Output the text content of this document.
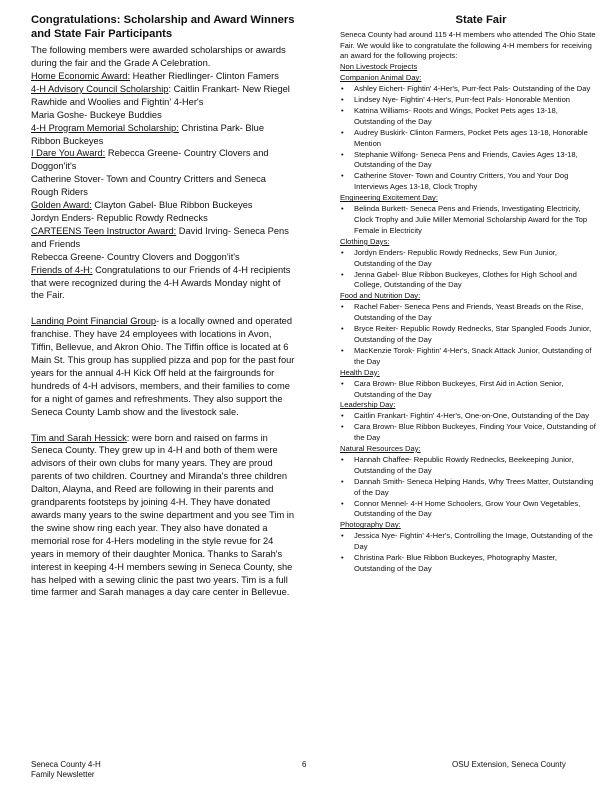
Congratulations: Scholarship and Award Winners and State Fair Participants

The following members were awarded scholarships or awards during the fair and the Grade A Celebration.

Home Economic Award: Heather Riedlinger- Clinton Famers

4-H Advisory Council Scholarship: Caitlin Frankart- New Riegel Rawhide and Woolies and Fightin' 4-Her's

Maria Goshe- Buckeye Buddies

4-H Program Memorial Scholarship: Christina Park- Blue Ribbon Buckeyes

I Dare You Award: Rebecca Greene- Country Clovers and Doggon'it's

Catherine Stover- Town and Country Critters and Seneca Rough Riders

Golden Award: Clayton Gabel- Blue Ribbon Buckeyes

Jordyn Enders- Republic Rowdy Rednecks

CARTEENS Teen Instructor Award: David Irving- Seneca Pens and Friends

Rebecca Greene- Country Clovers and Doggon'it's

Friends of 4-H: Congratulations to our Friends of 4-H recipients that were recognized during the 4-H Awards Monday night of the Fair.

Landing Point Financial Group- is a locally owned and operated franchise. They have 24 employees with locations in Avon, Tiffin, Bellevue, and Akron Ohio. The Tiffin office is located at 6 Main St. This group has supplied pizza and pop for the past four years for the annual 4-H Kick Off held at the fairgrounds for hundreds of 4-H advisors, members, and their families to come for a night of games and refreshments. They also support the Seneca County Lamb show and the livestock sale.

Tim and Sarah Hessick: were born and raised on farms in Seneca County. They grew up in 4-H and both of them were advisors of their own clubs for many years. They are proud parents of two children. Courtney and Miranda's three children Dalton, Alayna, and Reed are following in their parents and grandparents footsteps by joining 4-H. They have donated awards many years to the swine department and you see Tim in the swine show ring each year. They also have donated a memorial rose for 4-Hers modeling in the style revue for 24 years in memory of their daughter Monica. Thanks to Sarah's interest in keeping 4-H members sewing in Seneca County, she has helped with a sewing clinic the past two years. Tim is a full time farmer and Sarah manages a day care center in Bellevue.

State Fair

Seneca County had around 115 4-H members who attended The Ohio State Fair. We would like to congratulate the following 4-H members for receiving an award for the following projects:

Non Livestock Projects
Companion Animal Day:
• Ashley Eichert- Fightin' 4-Her's, Purr-fect Pals- Outstanding of the Day
• Lindsey Nye- Fightin' 4-Her's, Purr-fect Pals- Honorable Mention
• Katrina Williams- Roots and Wings, Pocket Pets ages 13-18, Outstanding of the Day
• Audrey Buskirk- Clinton Farmers, Pocket Pets ages 13-18, Honorable Mention
• Stephanie Wilfong- Seneca Pens and Friends, Cavies Ages 13-18, Outstanding of the Day
• Catherine Stover- Town and Country Critters, You and Your Dog Interviews Ages 13-18, Clock Trophy
Engineering Excitement Day:
• Belinda Burkett- Seneca Pens and Friends, Investigating Electricity, Clock Trophy and Julie Miller Memorial Scholarship Award for the Top Female in Electricity
Clothing Days:
• Jordyn Enders- Republic Rowdy Rednecks, Sew Fun Junior, Outstanding of the Day
• Jenna Gabel- Blue Ribbon Buckeyes, Clothes for High School and College, Outstanding of the Day
Food and Nutrition Day:
• Rachel Faber- Seneca Pens and Friends, Yeast Breads on the Rise, Outstanding of the Day
• Bryce Reiter- Republic Rowdy Rednecks, Star Spangled Foods Junior, Outstanding of the Day
• MacKenzie Torok- Fightin' 4-Her's, Snack Attack Junior, Outstanding of the Day
Health Day:
• Cara Brown- Blue Ribbon Buckeyes, First Aid in Action Senior, Outstanding of the Day
Leadership Day:
• Caitlin Frankart- Fightin' 4-Her's, One-on-One, Outstanding of the Day
• Cara Brown- Blue Ribbon Buckeyes, Finding Your Voice, Outstanding of the Day
Natural Resources Day:
• Hannah Chaffee- Republic Rowdy Rednecks, Beekeeping Junior, Outstanding of the Day
• Dannah Smith- Seneca Helping Hands, Why Trees Matter, Outstanding of the Day
• Connor Mennel- 4-H Home Schoolers, Grow Your Own Vegetables, Outstanding of the Day
Photography Day:
• Jessica Nye- Fightin' 4-Her's, Controlling the Image, Outstanding of the Day
• Christina Park- Blue Ribbon Buckeyes, Photography Master, Outstanding of the Day
Seneca County 4-H
Family Newsletter
6	OSU Extension, Seneca County
